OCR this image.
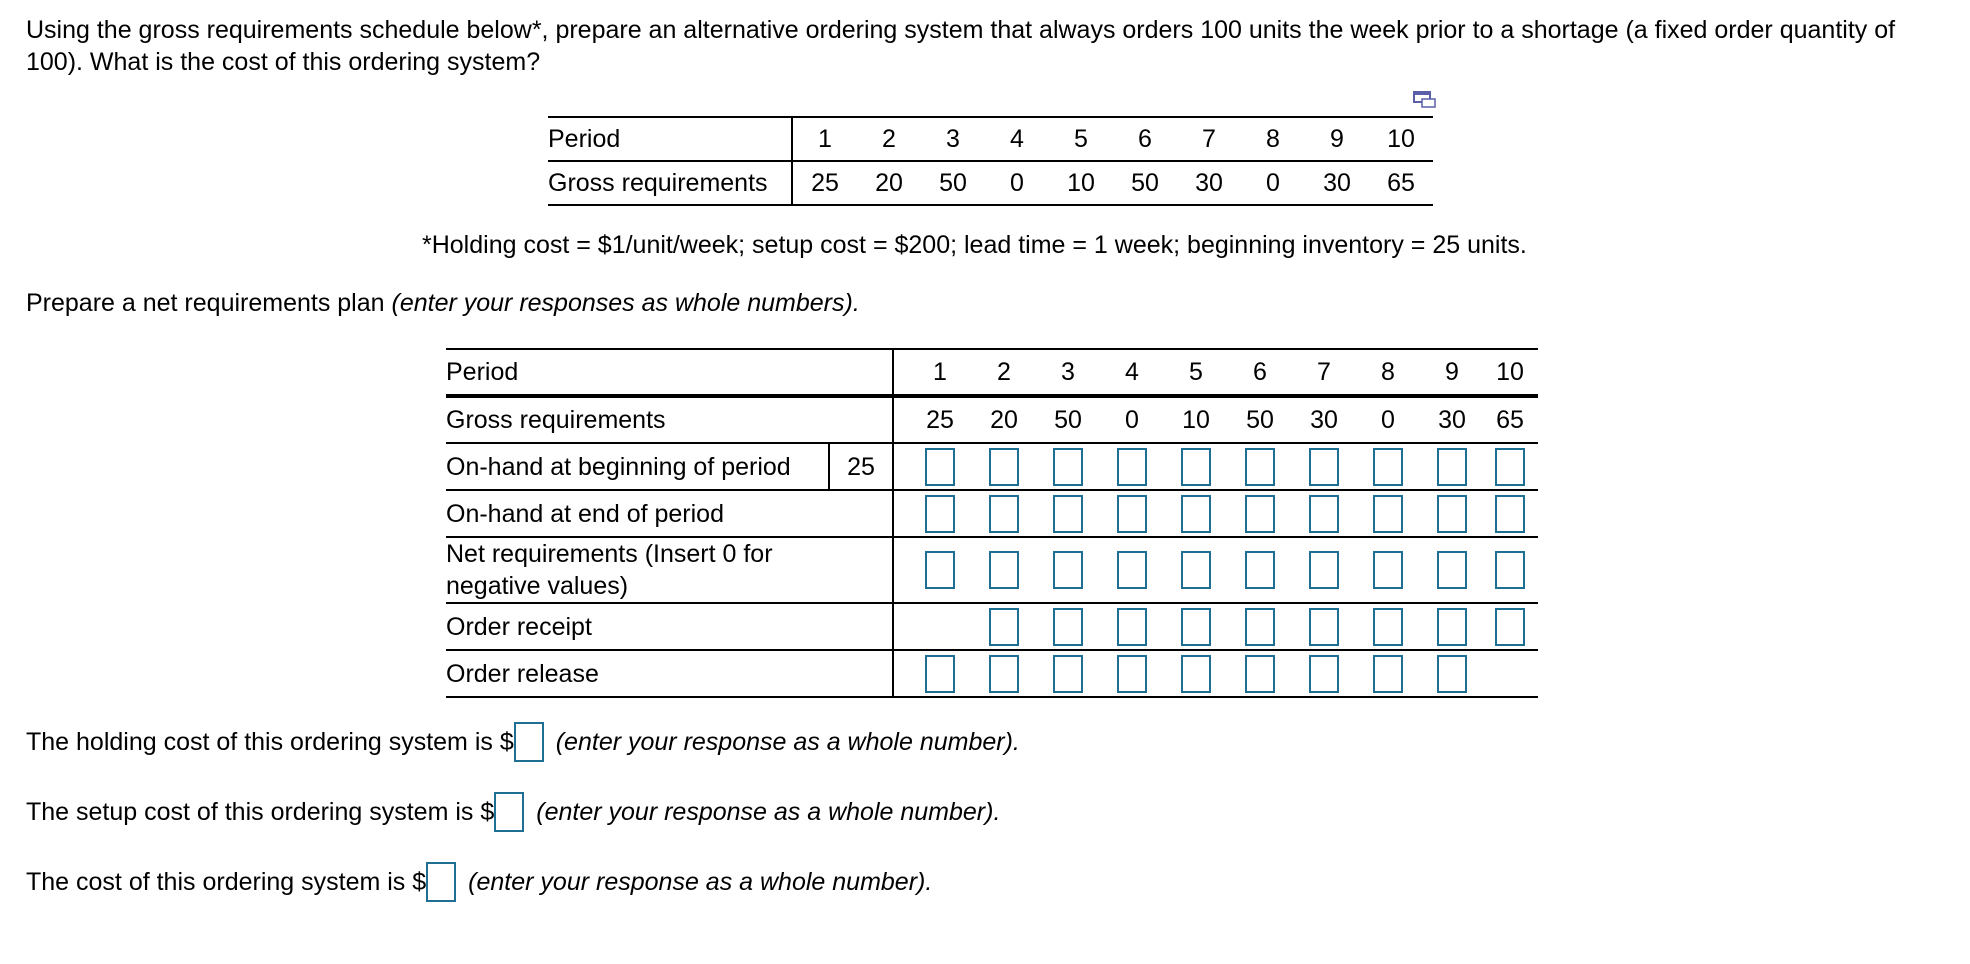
Using the gross requirements schedule below*, prepare an alternative ordering system that always orders 100 units the week prior to a shortage (a fixed order quantity of 100). What is the cost of this ordering system?
Period	1	2	3	4	5	6	7	8	9	10
Gross requirements	25	20	50	0	10	50	30	0	30	65
*Holding cost = $1/unit/week; setup cost = $200; lead time = 1 week; beginning inventory = 25 units.
Prepare a net requirements plan (enter your responses as whole numbers).
Period	1	2	3	4	5	6	7	8	9	10
Gross requirements	25	20	50	0	10	50	30	0	30	65
On-hand at beginning of period	25
On-hand at end of period
Net requirements (Insert 0 for negative values)
Order receipt
Order release
The holding cost of this ordering system is $ (enter your response as a whole number).
The setup cost of this ordering system is $ (enter your response as a whole number).
The cost of this ordering system is $ (enter your response as a whole number).
